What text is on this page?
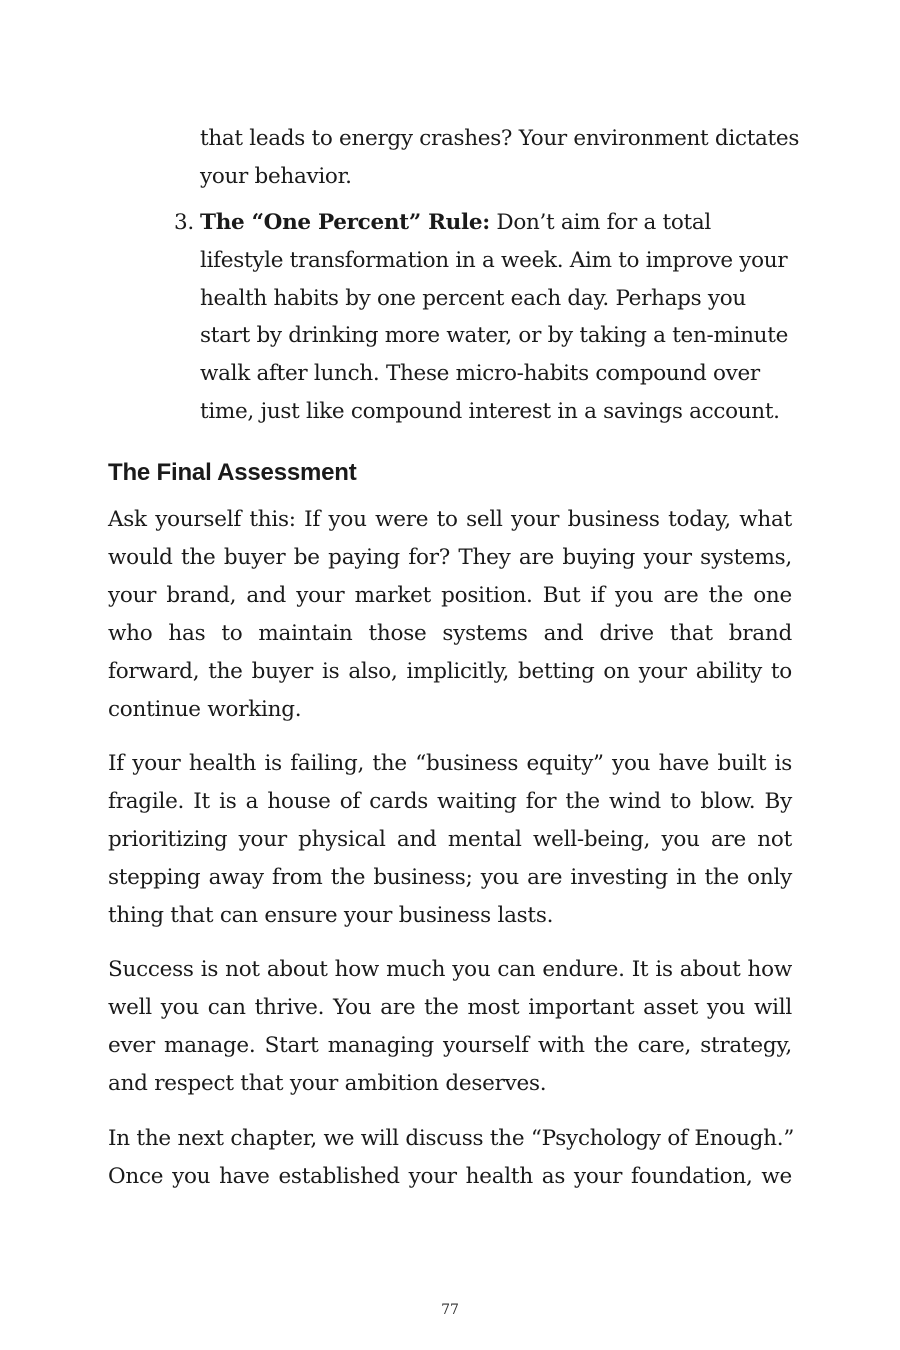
that leads to energy crashes? Your environment dictates
your behavior.
3. The “One Percent” Rule: Don’t aim for a total
lifestyle transformation in a week. Aim to improve your
health habits by one percent each day. Perhaps you
start by drinking more water, or by taking a ten-minute
walk after lunch. These micro-habits compound over
time, just like compound interest in a savings account.
The Final Assessment
Ask yourself this: If you were to sell your business today, what
would the buyer be paying for? They are buying your systems,
your brand, and your market position. But if you are the one
who has to maintain those systems and drive that brand
forward, the buyer is also, implicitly, betting on your ability to
continue working.
If your health is failing, the “business equity” you have built is
fragile. It is a house of cards waiting for the wind to blow. By
prioritizing your physical and mental well-being, you are not
stepping away from the business; you are investing in the only
thing that can ensure your business lasts.
Success is not about how much you can endure. It is about how
well you can thrive. You are the most important asset you will
ever manage. Start managing yourself with the care, strategy,
and respect that your ambition deserves.
In the next chapter, we will discuss the “Psychology of Enough.”
Once you have established your health as your foundation, we
77
